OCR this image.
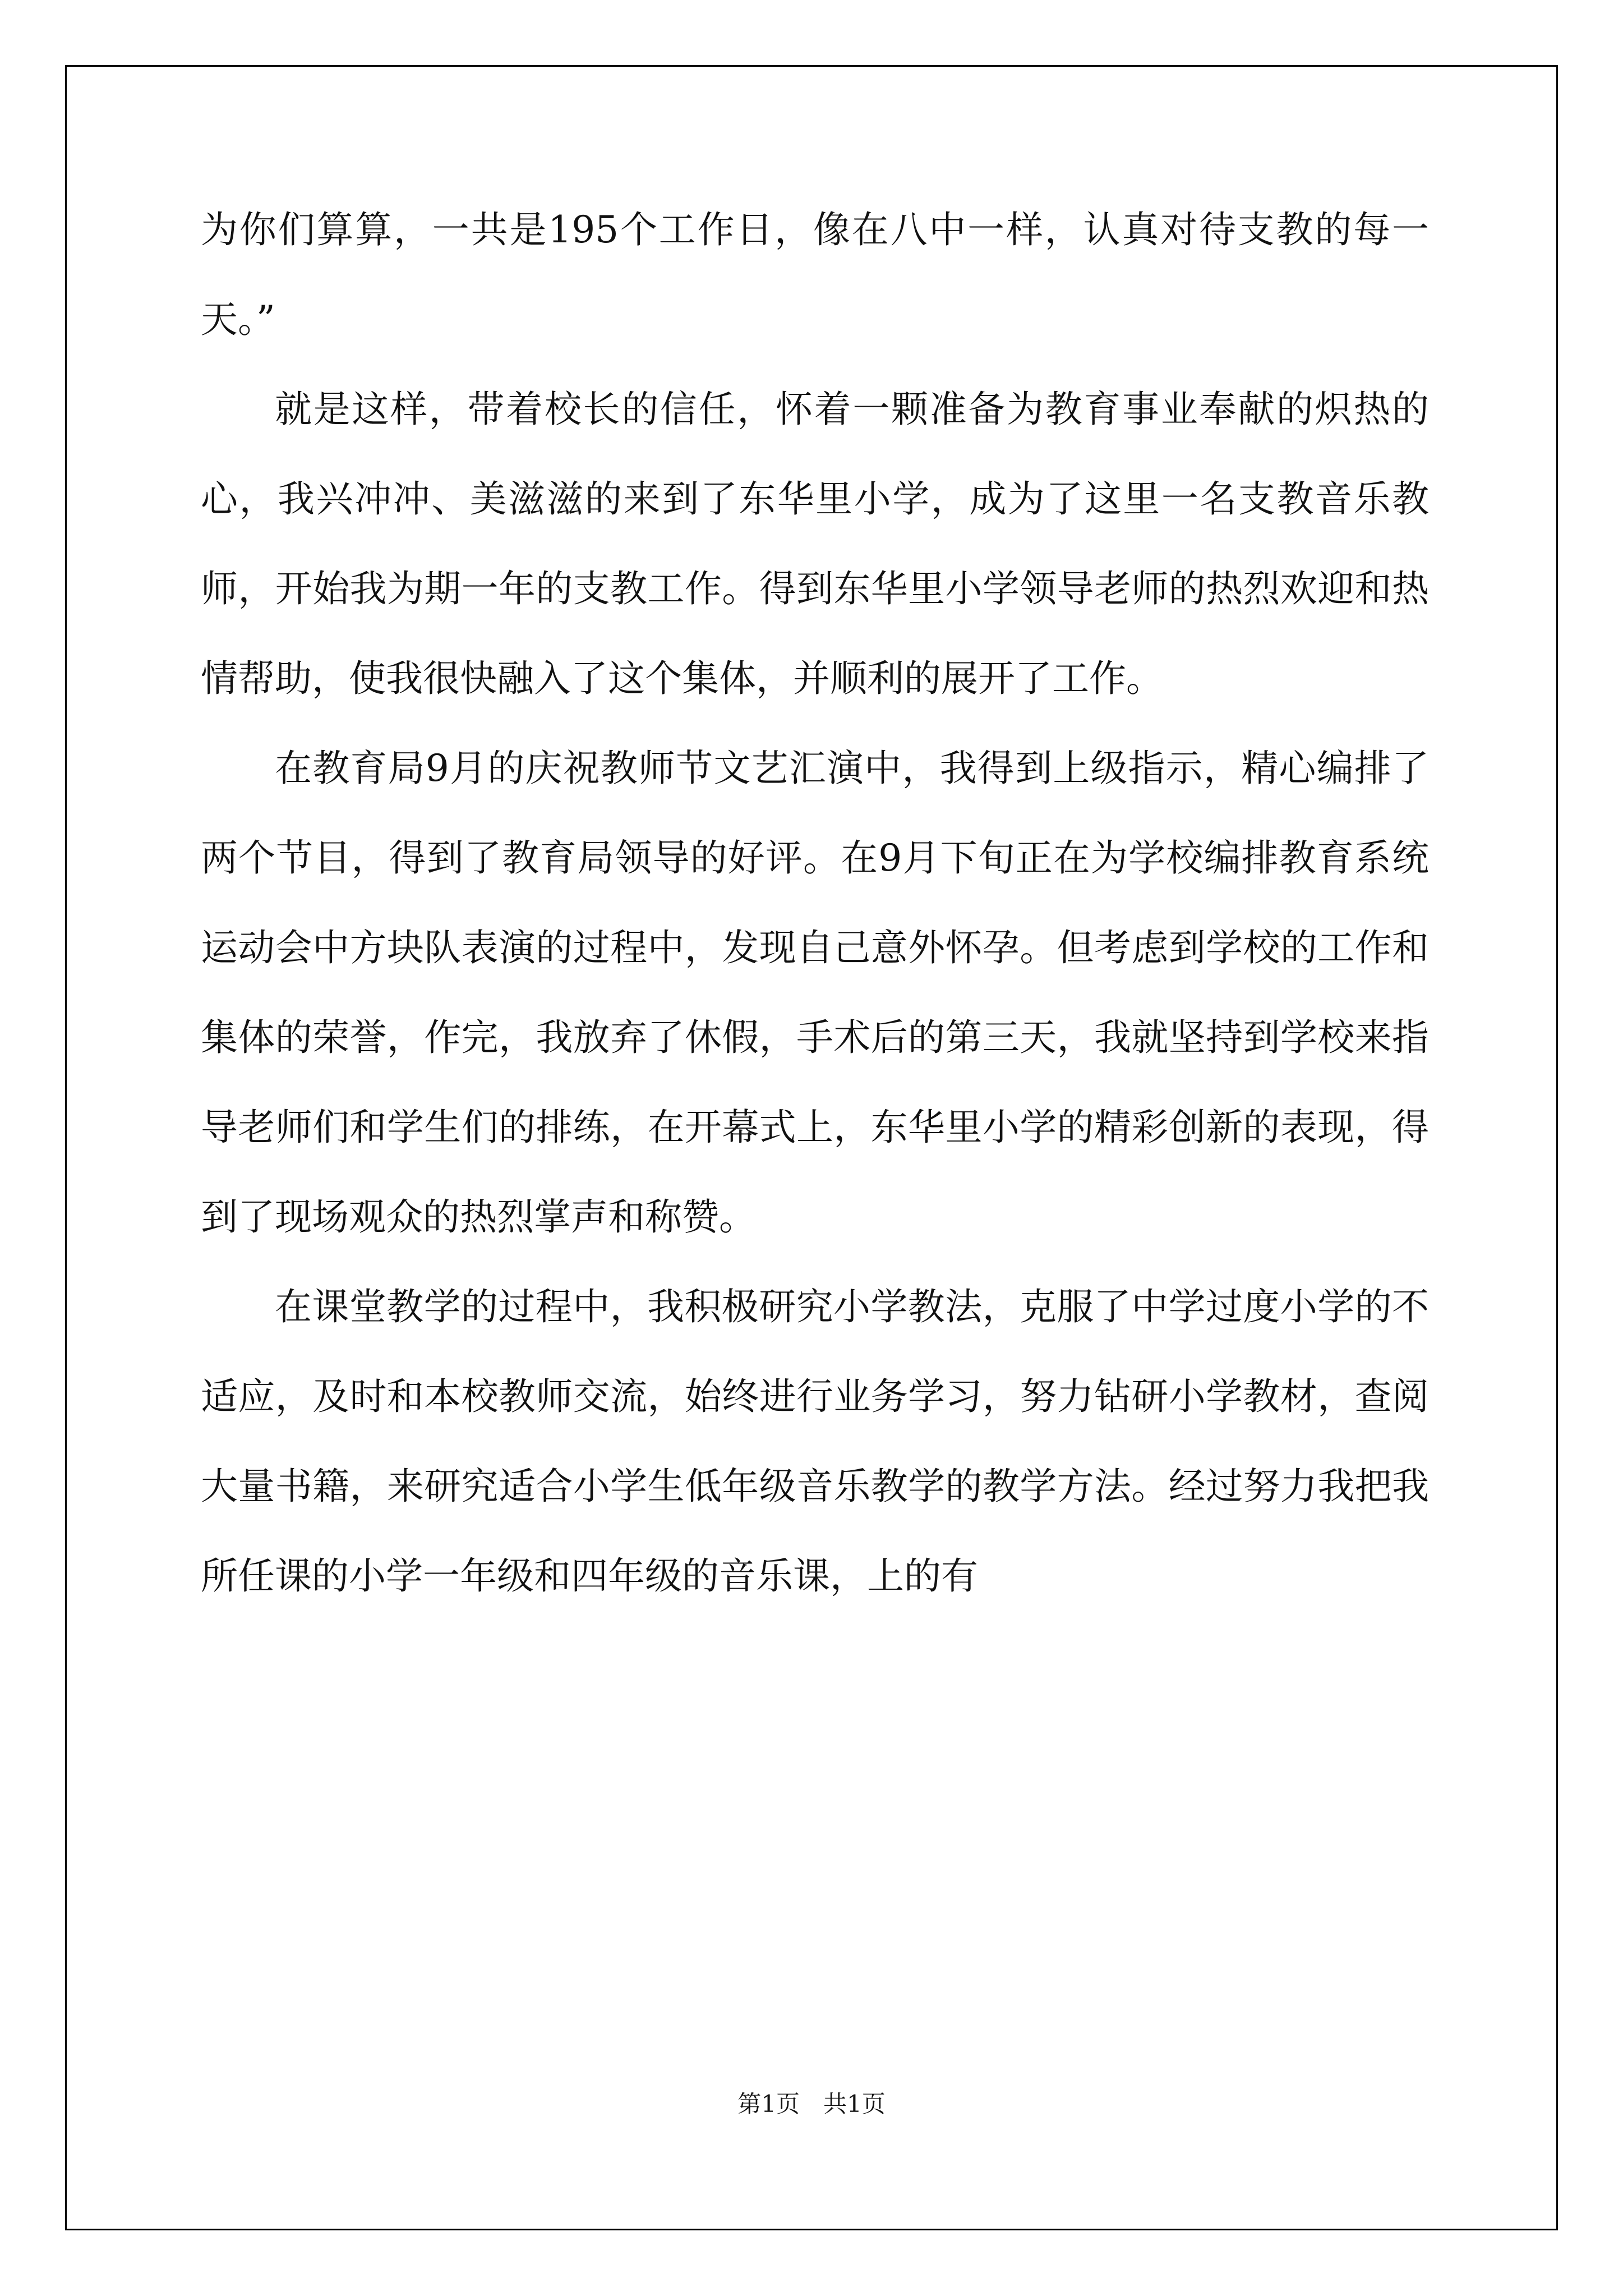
为你们算算，一共是195个工作日，像在八中一样，认真对待支教的每一天。”

就是这样，带着校长的信任，怀着一颗准备为教育事业奉献的炽热的心，我兴冲冲、美滋滋的来到了东华里小学，成为了这里一名支教音乐教师，开始我为期一年的支教工作。得到东华里小学领导老师的热烈欢迎和热情帮助，使我很快融入了这个集体，并顺利的展开了工作。

在教育局9月的庆祝教师节文艺汇演中，我得到上级指示，精心编排了两个节目，得到了教育局领导的好评。在9月下旬正在为学校编排教育系统运动会中方块队表演的过程中，发现自己意外怀孕。但考虑到学校的工作和集体的荣誉，作完，我放弃了休假，手术后的第三天，我就坚持到学校来指导老师们和学生们的排练，在开幕式上，东华里小学的精彩创新的表现，得到了现场观众的热烈掌声和称赞。

在课堂教学的过程中，我积极研究小学教法，克服了中学过度小学的不适应，及时和本校教师交流，始终进行业务学习，努力钻研小学教材，查阅大量书籍，来研究适合小学生低年级音乐教学的教学方法。经过努力我把我所任课的小学一年级和四年级的音乐课，上的有

第1页　共1页
